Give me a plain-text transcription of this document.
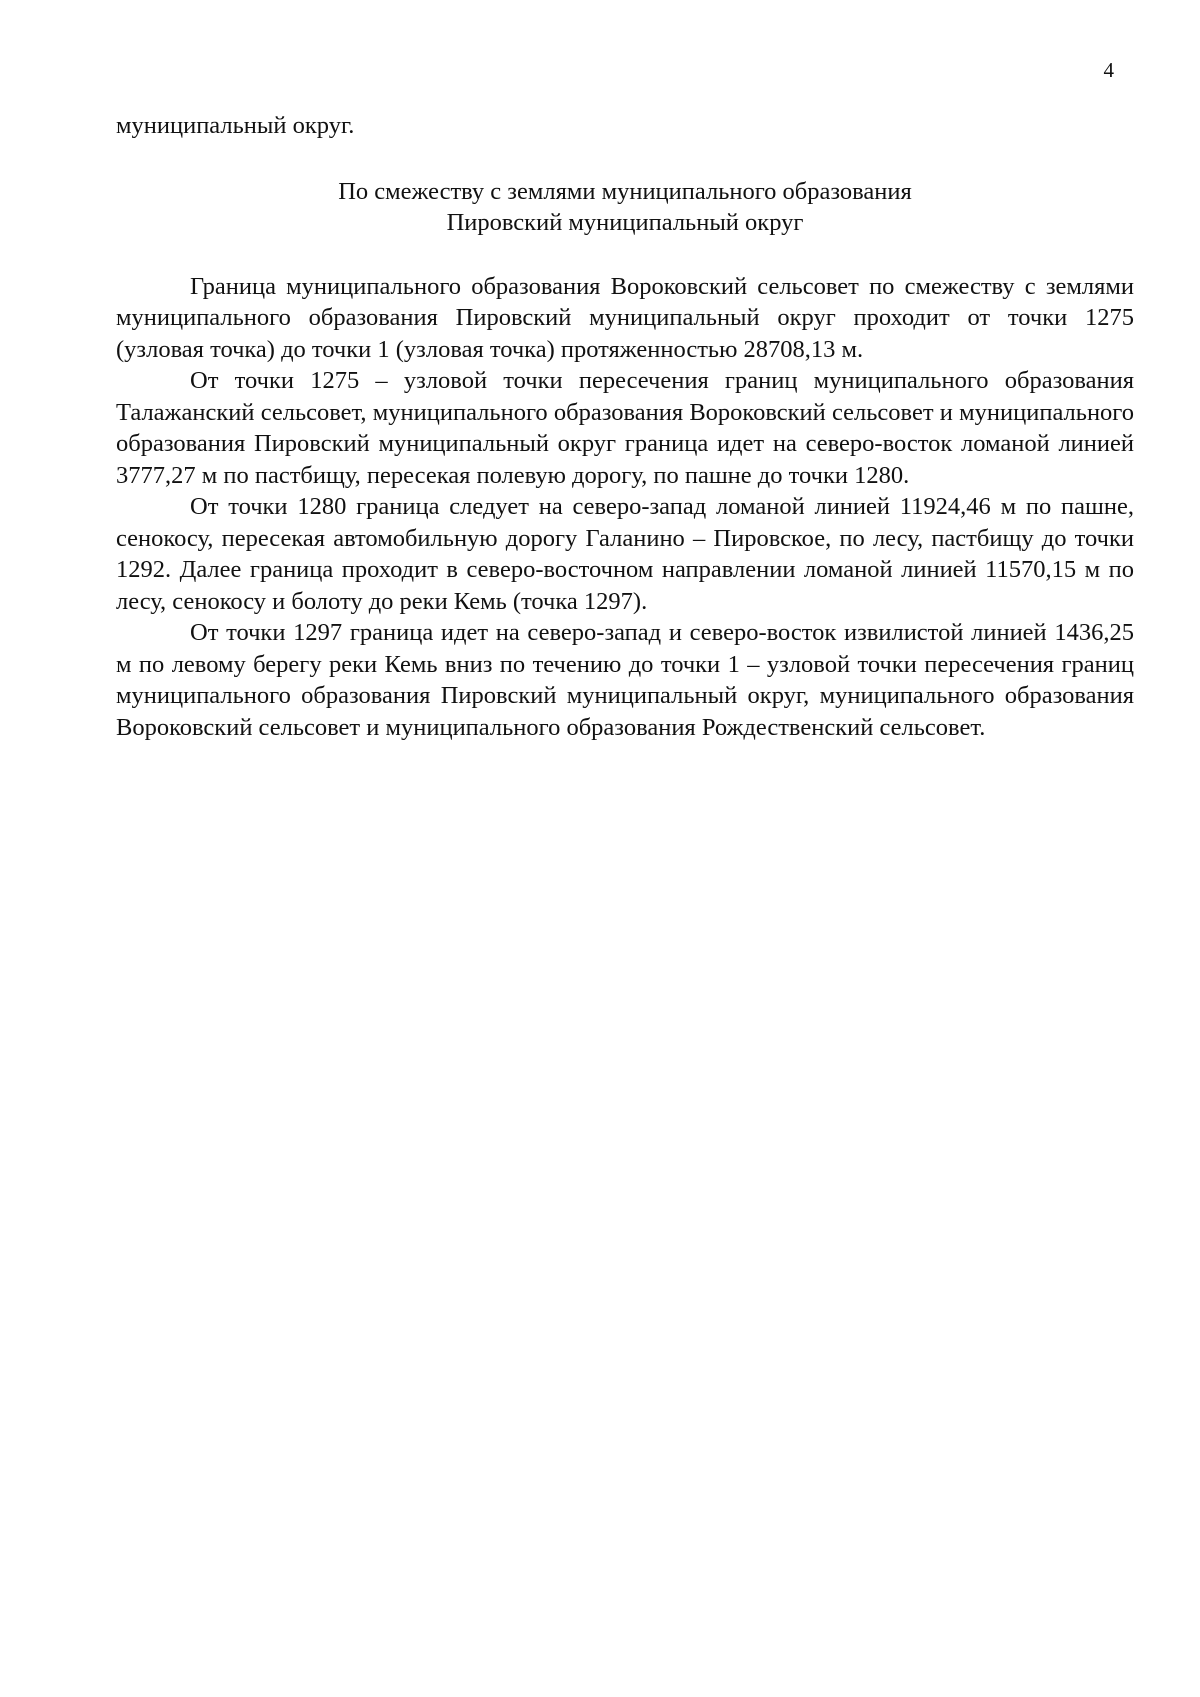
4

муниципальный округ.

По смежеству с землями муниципального образования
Пировский муниципальный округ

Граница муниципального образования Вороковский сельсовет по смежеству с землями муниципального образования Пировский муниципальный округ проходит от точки 1275 (узловая точка) до точки 1 (узловая точка) протяженностью 28708,13 м.

От точки 1275 – узловой точки пересечения границ муниципального образования Талажанский сельсовет, муниципального образования Вороковский сельсовет и муниципального образования Пировский муниципальный округ граница идет на северо-восток ломаной линией 3777,27 м по пастбищу, пересекая полевую дорогу, по пашне до точки 1280.

От точки 1280 граница следует на северо-запад ломаной линией 11924,46 м по пашне, сенокосу, пересекая автомобильную дорогу Галанино – Пировское, по лесу, пастбищу до точки 1292. Далее граница проходит в северо-восточном направлении ломаной линией 11570,15 м по лесу, сенокосу и болоту до реки Кемь (точка 1297).

От точки 1297 граница идет на северо-запад и северо-восток извилистой линией 1436,25 м по левому берегу реки Кемь вниз по течению до точки 1 – узловой точки пересечения границ муниципального образования Пировский муниципальный округ, муниципального образования Вороковский сельсовет и муниципального образования Рождественский сельсовет.
